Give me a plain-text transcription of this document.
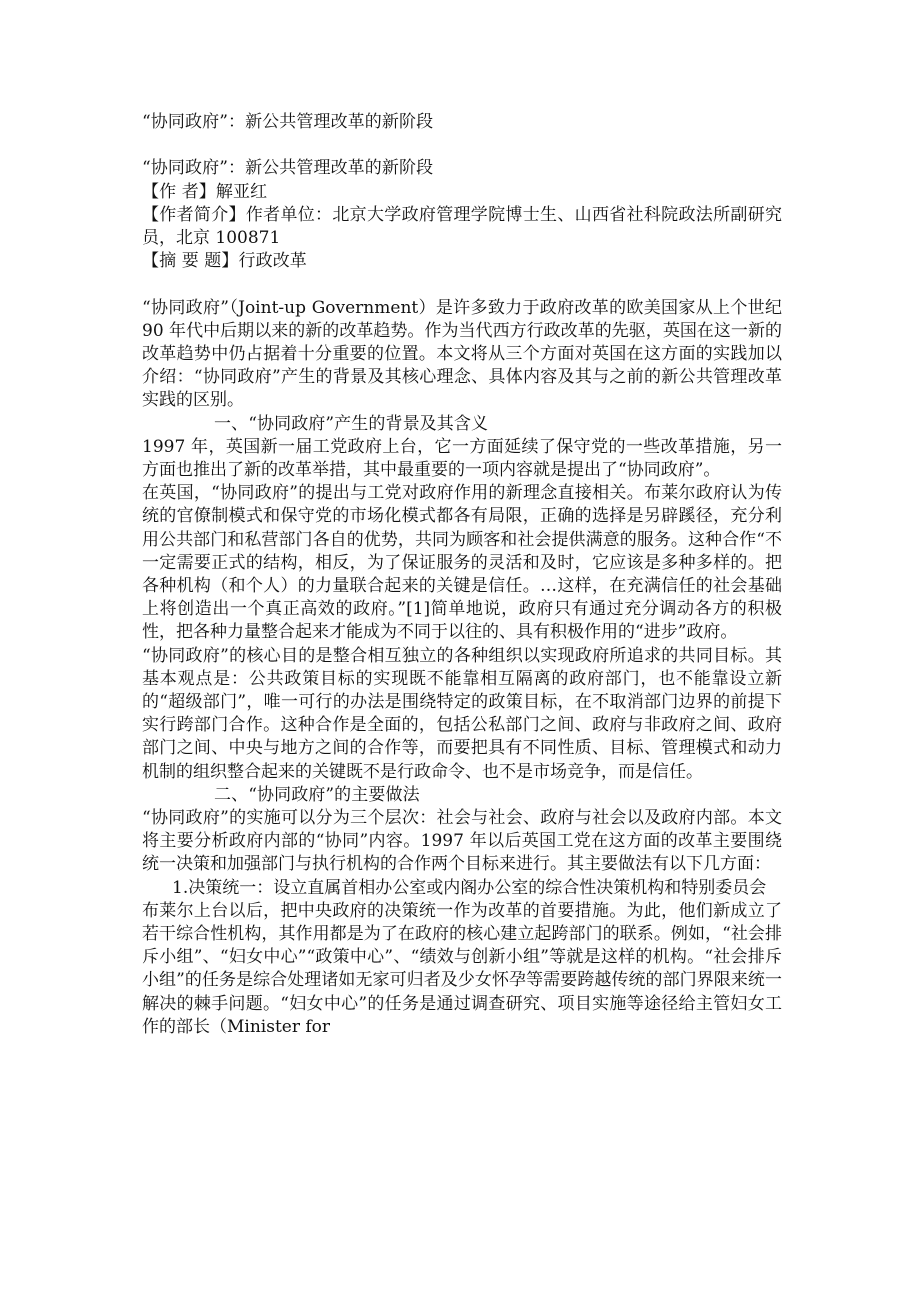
“协同政府”：新公共管理改革的新阶段
“协同政府”：新公共管理改革的新阶段
【作 者】解亚红
【作者简介】作者单位：北京大学政府管理学院博士生、山西省社科院政法所副研究员，北京 100871
【摘 要 题】行政改革
“协同政府”（Joint-up Government）是许多致力于政府改革的欧美国家从上个世纪 90 年代中后期以来的新的改革趋势。作为当代西方行政改革的先驱，英国在这一新的改革趋势中仍占据着十分重要的位置。本文将从三个方面对英国在这方面的实践加以介绍：“协同政府”产生的背景及其核心理念、具体内容及其与之前的新公共管理改革实践的区别。
一、“协同政府”产生的背景及其含义
1997 年，英国新一届工党政府上台，它一方面延续了保守党的一些改革措施，另一方面也推出了新的改革举措，其中最重要的一项内容就是提出了“协同政府”。
在英国，“协同政府”的提出与工党对政府作用的新理念直接相关。布莱尔政府认为传统的官僚制模式和保守党的市场化模式都各有局限，正确的选择是另辟蹊径，充分利用公共部门和私营部门各自的优势，共同为顾客和社会提供满意的服务。这种合作“不一定需要正式的结构，相反，为了保证服务的灵活和及时，它应该是多种多样的。把各种机构（和个人）的力量联合起来的关键是信任。…这样，在充满信任的社会基础上将创造出一个真正高效的政府。”[1]简单地说，政府只有通过充分调动各方的积极性，把各种力量整合起来才能成为不同于以往的、具有积极作用的“进步”政府。
“协同政府”的核心目的是整合相互独立的各种组织以实现政府所追求的共同目标。其基本观点是：公共政策目标的实现既不能靠相互隔离的政府部门，也不能靠设立新的“超级部门”，唯一可行的办法是围绕特定的政策目标，在不取消部门边界的前提下实行跨部门合作。这种合作是全面的，包括公私部门之间、政府与非政府之间、政府部门之间、中央与地方之间的合作等，而要把具有不同性质、目标、管理模式和动力机制的组织整合起来的关键既不是行政命令、也不是市场竞争，而是信任。
二、“协同政府”的主要做法
“协同政府”的实施可以分为三个层次：社会与社会、政府与社会以及政府内部。本文将主要分析政府内部的“协同”内容。1997 年以后英国工党在这方面的改革主要围绕统一决策和加强部门与执行机构的合作两个目标来进行。其主要做法有以下几方面：
1.决策统一：设立直属首相办公室或内阁办公室的综合性决策机构和特别委员会
布莱尔上台以后，把中央政府的决策统一作为改革的首要措施。为此，他们新成立了若干综合性机构，其作用都是为了在政府的核心建立起跨部门的联系。例如，“社会排斥小组”、“妇女中心”“政策中心”、“绩效与创新小组”等就是这样的机构。“社会排斥小组”的任务是综合处理诸如无家可归者及少女怀孕等需要跨越传统的部门界限来统一解决的棘手问题。“妇女中心”的任务是通过调查研究、项目实施等途径给主管妇女工作的部长（Minister for
